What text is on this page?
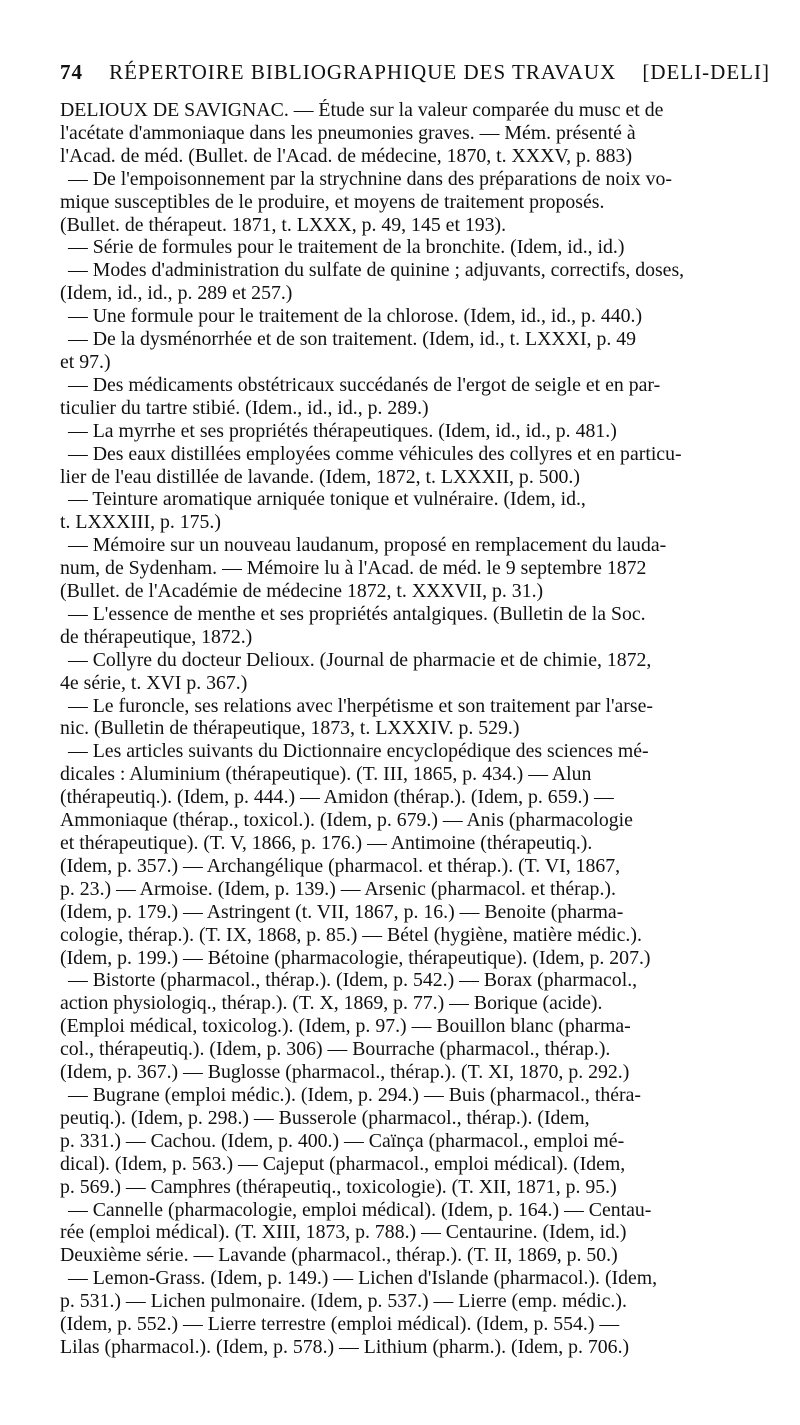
74 RÉPERTOIRE BIBLIOGRAPHIQUE DES TRAVAUX [DELI-DELI]
DELIOUX DE SAVIGNAC. — Étude sur la valeur comparée du musc et de
l'acétate d'ammoniaque dans les pneumonies graves. — Mém. présenté à
l'Acad. de méd. (Bullet. de l'Acad. de médecine, 1870, t. XXXV, p. 883)
— De l'empoisonnement par la strychnine dans des préparations de noix vo-
mique susceptibles de le produire, et moyens de traitement proposés.
(Bullet. de thérapeut. 1871, t. LXXX, p. 49, 145 et 193).
— Série de formules pour le traitement de la bronchite. (Idem, id., id.)
— Modes d'administration du sulfate de quinine ; adjuvants, correctifs, doses,
(Idem, id., id., p. 289 et 257.)
— Une formule pour le traitement de la chlorose. (Idem, id., id., p. 440.)
— De la dysménorrhée et de son traitement. (Idem, id., t. LXXXI, p. 49
et 97.)
— Des médicaments obstétricaux succédanés de l'ergot de seigle et en par-
ticulier du tartre stibié. (Idem., id., id., p. 289.)
— La myrrhe et ses propriétés thérapeutiques. (Idem, id., id., p. 481.)
— Des eaux distillées employées comme véhicules des collyres et en particu-
lier de l'eau distillée de lavande. (Idem, 1872, t. LXXXII, p. 500.)
— Teinture aromatique arniquée tonique et vulnéraire. (Idem, id.,
t. LXXXIII, p. 175.)
— Mémoire sur un nouveau laudanum, proposé en remplacement du lauda-
num, de Sydenham. — Mémoire lu à l'Acad. de méd. le 9 septembre 1872
(Bullet. de l'Académie de médecine 1872, t. XXXVII, p. 31.)
— L'essence de menthe et ses propriétés antalgiques. (Bulletin de la Soc.
de thérapeutique, 1872.)
— Collyre du docteur Delioux. (Journal de pharmacie et de chimie, 1872,
4e série, t. XVI p. 367.)
— Le furoncle, ses relations avec l'herpétisme et son traitement par l'arse-
nic. (Bulletin de thérapeutique, 1873, t. LXXXIV. p. 529.)
— Les articles suivants du Dictionnaire encyclopédique des sciences mé-
dicales : Aluminium (thérapeutique). (T. III, 1865, p. 434.) — Alun
(thérapeutiq.). (Idem, p. 444.) — Amidon (thérap.). (Idem, p. 659.) —
Ammoniaque (thérap., toxicol.). (Idem, p. 679.) — Anis (pharmacologie
et thérapeutique). (T. V, 1866, p. 176.) — Antimoine (thérapeutiq.).
(Idem, p. 357.) — Archangélique (pharmacol. et thérap.). (T. VI, 1867,
p. 23.) — Armoise. (Idem, p. 139.) — Arsenic (pharmacol. et thérap.).
(Idem, p. 179.) — Astringent (t. VII, 1867, p. 16.) — Benoite (pharma-
cologie, thérap.). (T. IX, 1868, p. 85.) — Bétel (hygiène, matière médic.).
(Idem, p. 199.) — Bétoine (pharmacologie, thérapeutique). (Idem, p. 207.)
— Bistorte (pharmacol., thérap.). (Idem, p. 542.) — Borax (pharmacol.,
action physiologiq., thérap.). (T. X, 1869, p. 77.) — Borique (acide).
(Emploi médical, toxicolog.). (Idem, p. 97.) — Bouillon blanc (pharma-
col., thérapeutiq.). (Idem, p. 306) — Bourrache (pharmacol., thérap.).
(Idem, p. 367.) — Buglosse (pharmacol., thérap.). (T. XI, 1870, p. 292.)
— Bugrane (emploi médic.). (Idem, p. 294.) — Buis (pharmacol., théra-
peutiq.). (Idem, p. 298.) — Busserole (pharmacol., thérap.). (Idem,
p. 331.) — Cachou. (Idem, p. 400.) — Caïnça (pharmacol., emploi mé-
dical). (Idem, p. 563.) — Cajeput (pharmacol., emploi médical). (Idem,
p. 569.) — Camphres (thérapeutiq., toxicologie). (T. XII, 1871, p. 95.)
— Cannelle (pharmacologie, emploi médical). (Idem, p. 164.) — Centau-
rée (emploi médical). (T. XIII, 1873, p. 788.) — Centaurine. (Idem, id.)
Deuxième série. — Lavande (pharmacol., thérap.). (T. II, 1869, p. 50.)
— Lemon-Grass. (Idem, p. 149.) — Lichen d'Islande (pharmacol.). (Idem,
p. 531.) — Lichen pulmonaire. (Idem, p. 537.) — Lierre (emp. médic.).
(Idem, p. 552.) — Lierre terrestre (emploi médical). (Idem, p. 554.) —
Lilas (pharmacol.). (Idem, p. 578.) — Lithium (pharm.). (Idem, p. 706.)
